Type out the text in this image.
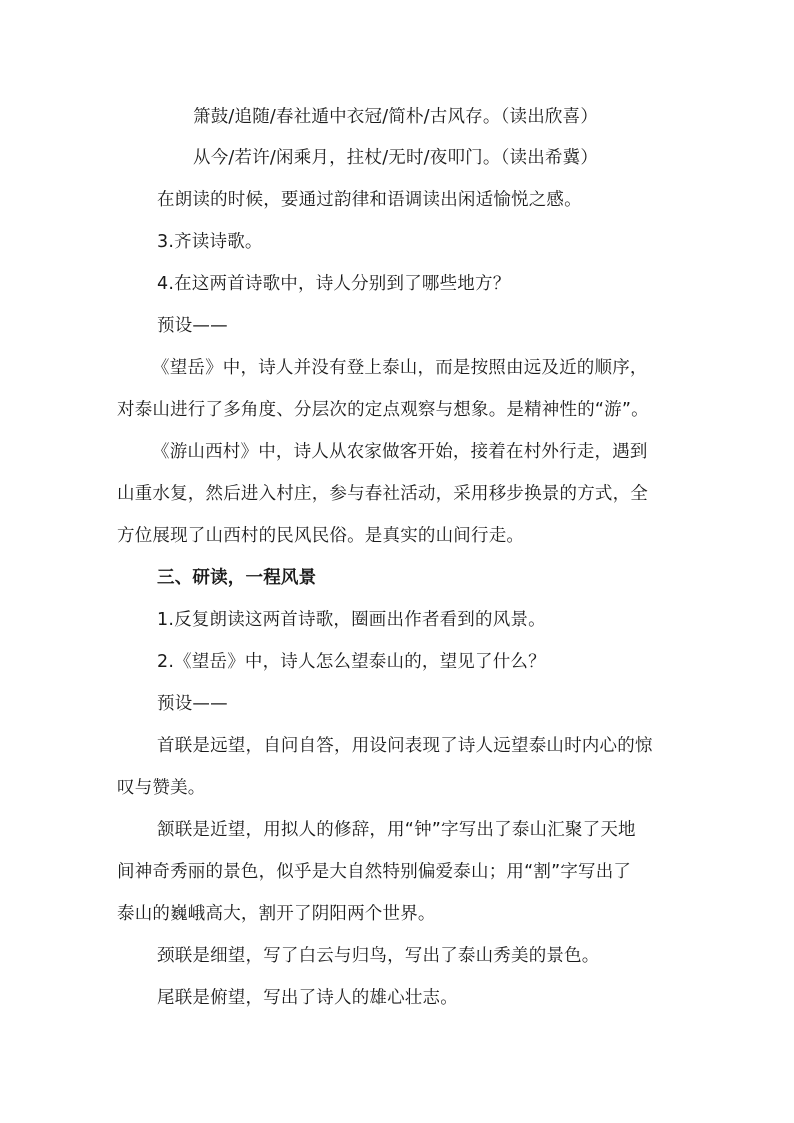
箫鼓/追随/春社遁中衣冠/简朴/古风存。（读出欣喜）
从今/若许/闲乘月，拄杖/无时/夜叩门。（读出希冀）
在朗读的时候，要通过韵律和语调读出闲适愉悦之感。
3.齐读诗歌。
4.在这两首诗歌中，诗人分别到了哪些地方？
预设——
《望岳》中，诗人并没有登上泰山，而是按照由远及近的顺序，
对泰山进行了多角度、分层次的定点观察与想象。是精神性的“游”。
《游山西村》中，诗人从农家做客开始，接着在村外行走，遇到
山重水复，然后进入村庄，参与春社活动，采用移步换景的方式，全
方位展现了山西村的民风民俗。是真实的山间行走。
三、研读，一程风景
1.反复朗读这两首诗歌，圈画出作者看到的风景。
2.《望岳》中，诗人怎么望泰山的，望见了什么？
预设——
首联是远望，自问自答，用设问表现了诗人远望泰山时内心的惊
叹与赞美。
颔联是近望，用拟人的修辞，用“钟”字写出了泰山汇聚了天地
间神奇秀丽的景色，似乎是大自然特别偏爱泰山；用“割”字写出了
泰山的巍峨高大，割开了阴阳两个世界。
颈联是细望，写了白云与归鸟，写出了泰山秀美的景色。
尾联是俯望，写出了诗人的雄心壮志。
